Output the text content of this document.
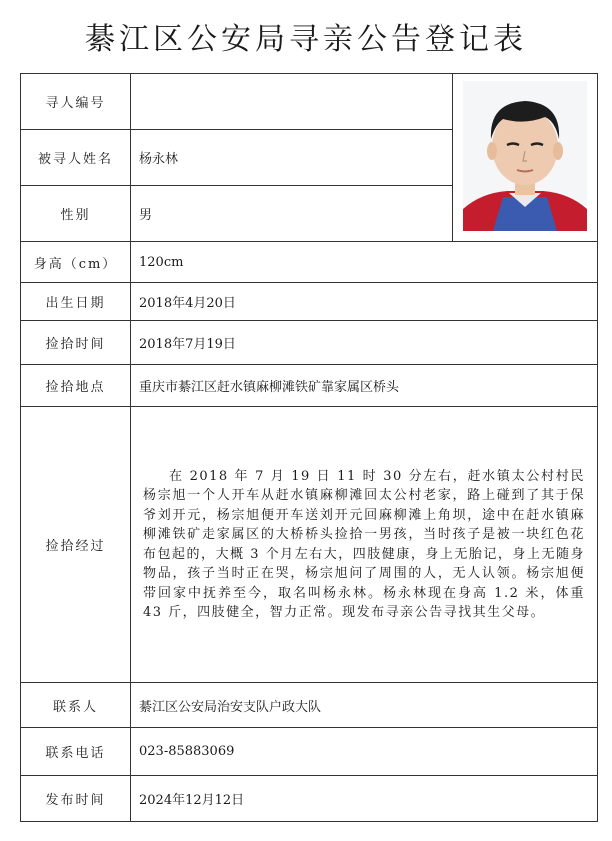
綦江区公安局寻亲公告登记表
寻人编号		
被寻人姓名	杨永林	
性别	男	
身高（cm）	120cm	
出生日期	2018年4月20日	
捡拾时间	2018年7月19日	
捡拾地点	重庆市綦江区赶水镇麻柳滩铁矿靠家属区桥头	
捡拾经过	在 2018 年 7 月 19 日 11 时 30 分左右，赶水镇太公村村民杨宗旭一个人开车从赶水镇麻柳滩回太公村老家，路上碰到了其于保爷刘开元，杨宗旭便开车送刘开元回麻柳滩上角坝，途中在赶水镇麻柳滩铁矿走家属区的大桥桥头捡拾一男孩，当时孩子是被一块红色花布包起的，大概 3 个月左右大，四肢健康，身上无胎记，身上无随身物品，孩子当时正在哭，杨宗旭问了周围的人，无人认领。杨宗旭便带回家中抚养至今，取名叫杨永林。杨永林现在身高 1.2 米，体重 43 斤，四肢健全，智力正常。现发布寻亲公告寻找其生父母。	

联系人	綦江区公安局治安支队户政大队	
联系电话	023-85883069	
发布时间	2024年12月12日	
